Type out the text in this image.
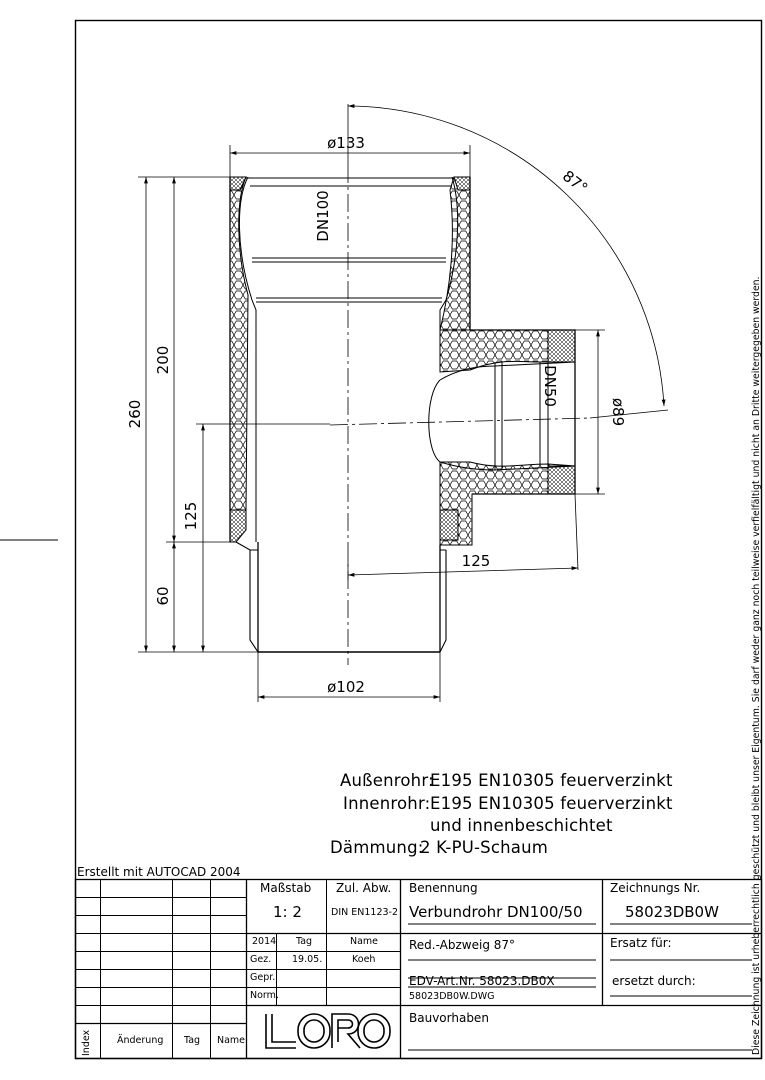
ø133
ø102
260
200
60
125
125
ø89
87°
DN100
DN50
Außenrohr:
E195 EN10305 feuerverzinkt
Innenrohr: E195 EN10305 feuerverzinkt
und innenbeschichtet
Dämmung:
2 K-PU-Schaum	Diese Zeichnung ist urheberrechtlich geschützt und bleibt unser Eigentum. Sie darf weder ganz noch teilweise verfielfältigt und nicht an Dritte weitergegeben werden.
Erstellt mit AUTOCAD 2004
Maßstab
1: 2
Zul. Abw.
DIN EN1123-2
Benennung
Verbundrohr DN100/50
Zeichnungs Nr.
58023DB0W
2014 Tag	Name
Gez. 19.05.	Koeh
Gepr.
Norm.
Red.-Abzweig 87°
EDV-Art.Nr. 58023.DB0X
58023DB0W.DWG
Ersatz für:
ersetzt durch:
Bauvorhaben
Index	Änderung Tag Name
